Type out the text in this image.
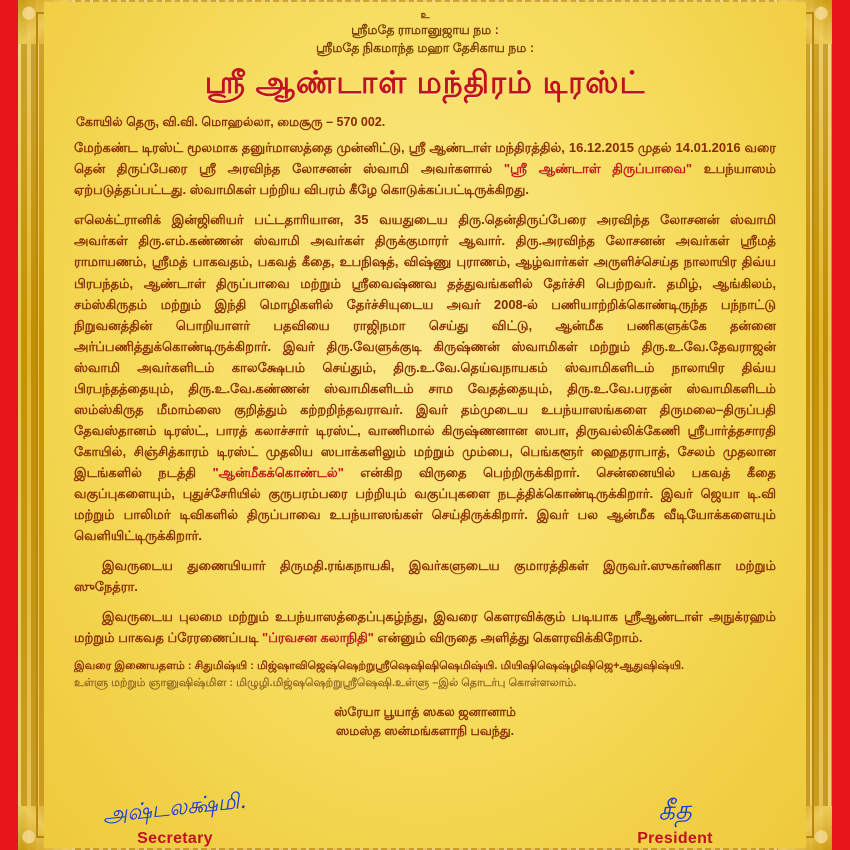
உ
ஸ்ரீமதே ராமானுஜாய நம :
ஸ்ரீமதே நிகமாந்த மஹா தேசிகாய நம :
ஸ்ரீ ஆண்டாள் மந்திரம் டிரஸ்ட்
கோயில் தெரு, வி.வி. மொஹல்லா, மைசூரு – 570 002.
மேற்கண்ட டிரஸ்ட் மூலமாக தனுர்மாஸத்தை முன்னிட்டு, ஸ்ரீ ஆண்டாள் மந்திரத்தில், 16.12.2015 முதல் 14.01.2016 வரை தென் திருப்பேரை ஸ்ரீ அரவிந்த லோசனன் ஸ்வாமி அவர்களால் "ஸ்ரீ ஆண்டாள் திருப்பாவை" உபந்யாஸம் ஏற்படுத்தப்பட்டது. ஸ்வாமிகள் பற்றிய விபரம் கீழே கொடுக்கப்பட்டிருக்கிறது.
எலெக்ட்ரானிக் இன்ஜினியர் பட்டதாரியான, 35 வயதுடைய திரு.தென்திருப்பேரை அரவிந்த லோசனன் ஸ்வாமி அவர்கள் திரு.எம்.கண்ணன் ஸ்வாமி அவர்கள் திருக்குமாரர் ஆவார். திரு.அரவிந்த லோசனன் அவர்கள் ஸ்ரீமத் ராமாயணம், ஸ்ரீமத் பாகவதம், பகவத் கீதை, உபநிஷத், விஷ்ணு புராணம், ஆழ்வார்கள் அருளிச்செய்த நாலாயிர திவ்ய பிரபந்தம், ஆண்டாள் திருப்பாவை மற்றும் ஸ்ரீவைஷ்ணவ தத்துவங்களில் தேர்ச்சி பெற்றவர். தமிழ், ஆங்கிலம், சம்ஸ்கிருதம் மற்றும் இந்தி மொழிகளில் தேர்ச்சியுடைய அவர் 2008-ல் பணியாற்றிக்கொண்டிருந்த பந்நாட்டு நிறுவனத்தின் பொறியாளர் பதவியை ராஜிநமா செய்து விட்டு, ஆன்மீக பணிகளுக்கே தன்னை அர்ப்பணித்துக்கொண்டிருக்கிறார். இவர் திரு.வேளுக்குடி கிருஷ்ணன் ஸ்வாமிகள் மற்றும் திரு.உ.வே.தேவராஜன் ஸ்வாமி அவர்களிடம் காலக்ஷேபம் செய்தும், திரு.உ.வே.தெய்வநாயகம் ஸ்வாமிகளிடம் நாலாயிர திவ்ய பிரபந்தத்தையும், திரு.உ.வே.கண்ணன் ஸ்வாமிகளிடம் சாம வேதத்தையும், திரு.உ.வே.பரதன் ஸ்வாமிகளிடம் ஸம்ஸ்கிருத மீமாம்ஸை குறித்தும் கற்றறிந்தவராவர். இவர் தம்முடைய உபந்யாஸங்களை திருமலை–திருப்பதி தேவஸ்தானம் டிரஸ்ட், பாரத் கலாச்சார் டிரஸ்ட், வாணிமால் கிருஷ்ணனான ஸபா, திருவல்லிக்கேணி ஸ்ரீபார்த்தசாரதி கோயில், சிஞ்சித்காரம் டிரஸ்ட் முதலிய ஸபாக்களிலும் மற்றும் மும்பை, பெங்களூர் ஹைதராபாத், சேலம் முதலான இடங்களில் நடத்தி "ஆன்மீகக்கொண்டல்" என்கிற விருதை பெற்றிருக்கிறார். சென்னையில் பகவத் கீதை வகுப்புகளையும், புதுச்சேரியில் குருபரம்பரை பற்றியும் வகுப்புகளை நடத்திக்கொண்டிருக்கிறார். இவர் ஜெயா டி.வி மற்றும் பாலிமர் டிவிகளில் திருப்பாவை உபந்யாஸங்கள் செய்திருக்கிறார். இவர் பல ஆன்மீக வீடியோக்களையும் வெளியிட்டிருக்கிறார்.
இவருடைய துணையியார் திருமதி.ரங்கநாயகி, இவர்களுடைய குமாரத்திகள் இருவர்.ஸுகர்ணிகா மற்றும் ஸுநேத்ரா.
இவருடைய புலமை மற்றும் உபந்யாஸத்தைப்புகழ்ந்து, இவரை கௌரவிக்கும் படியாக ஸ்ரீஆண்டாள் அநுக்ரஹம் மற்றும் பாகவத ப்ரேரணைப்படி "ப்ரவசன கலாநிதி" என்னும் விருதை அளித்து கௌரவிக்கிறோம்.
இவரை இணையதளம் : சிதுமிஷ்யி : மிஜ்ஷாவிஜெஷ்ஷெற்றுஸ்ரீஷெஷிஷிஷெமிஷ்யி. மியிஷிஷெஷ்ழிஷிஜெ+ஆதுஷிஷ்யி.
உள்ளு மற்றும் ஞானுஷிஷ்மிள : மிழுழி.மிஜ்ஷஷெற்றுஸ்ரீஷெஷி.உள்ளு –இல் தொடர்பு கொள்ளலாம்.
ஸ்ரேயா பூயாத் ஸகல ஜனானாம்
ஸமஸ்த ஸன்மங்களாநி பவந்து.
அஷ்டலக்ஷ்மி.
Secretary
கீத
President
